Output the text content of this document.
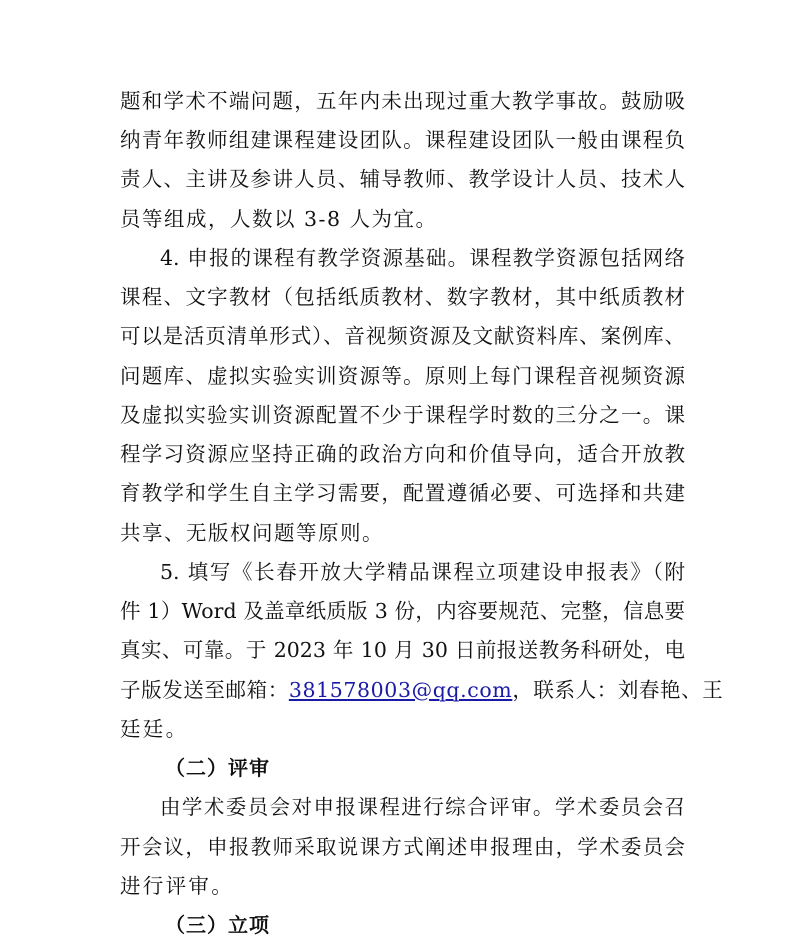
题和学术不端问题，五年内未出现过重大教学事故。鼓励吸
纳青年教师组建课程建设团队。课程建设团队一般由课程负
责人、主讲及参讲人员、辅导教师、教学设计人员、技术人
员等组成，人数以 3-8 人为宜。
4. 申报的课程有教学资源基础。课程教学资源包括网络
课程、文字教材（包括纸质教材、数字教材，其中纸质教材
可以是活页清单形式）、音视频资源及文献资料库、案例库、
问题库、虚拟实验实训资源等。原则上每门课程音视频资源
及虚拟实验实训资源配置不少于课程学时数的三分之一。课
程学习资源应坚持正确的政治方向和价值导向，适合开放教
育教学和学生自主学习需要，配置遵循必要、可选择和共建
共享、无版权问题等原则。
5. 填写《长春开放大学精品课程立项建设申报表》（附
件 1）Word 及盖章纸质版 3 份，内容要规范、完整，信息要
真实、可靠。于 2023 年 10 月 30 日前报送教务科研处，电
子版发送至邮箱：381578003@qq.com，联系人：刘春艳、王
廷廷。
（二）评审
由学术委员会对申报课程进行综合评审。学术委员会召
开会议，申报教师采取说课方式阐述申报理由，学术委员会
进行评审。
（三）立项
